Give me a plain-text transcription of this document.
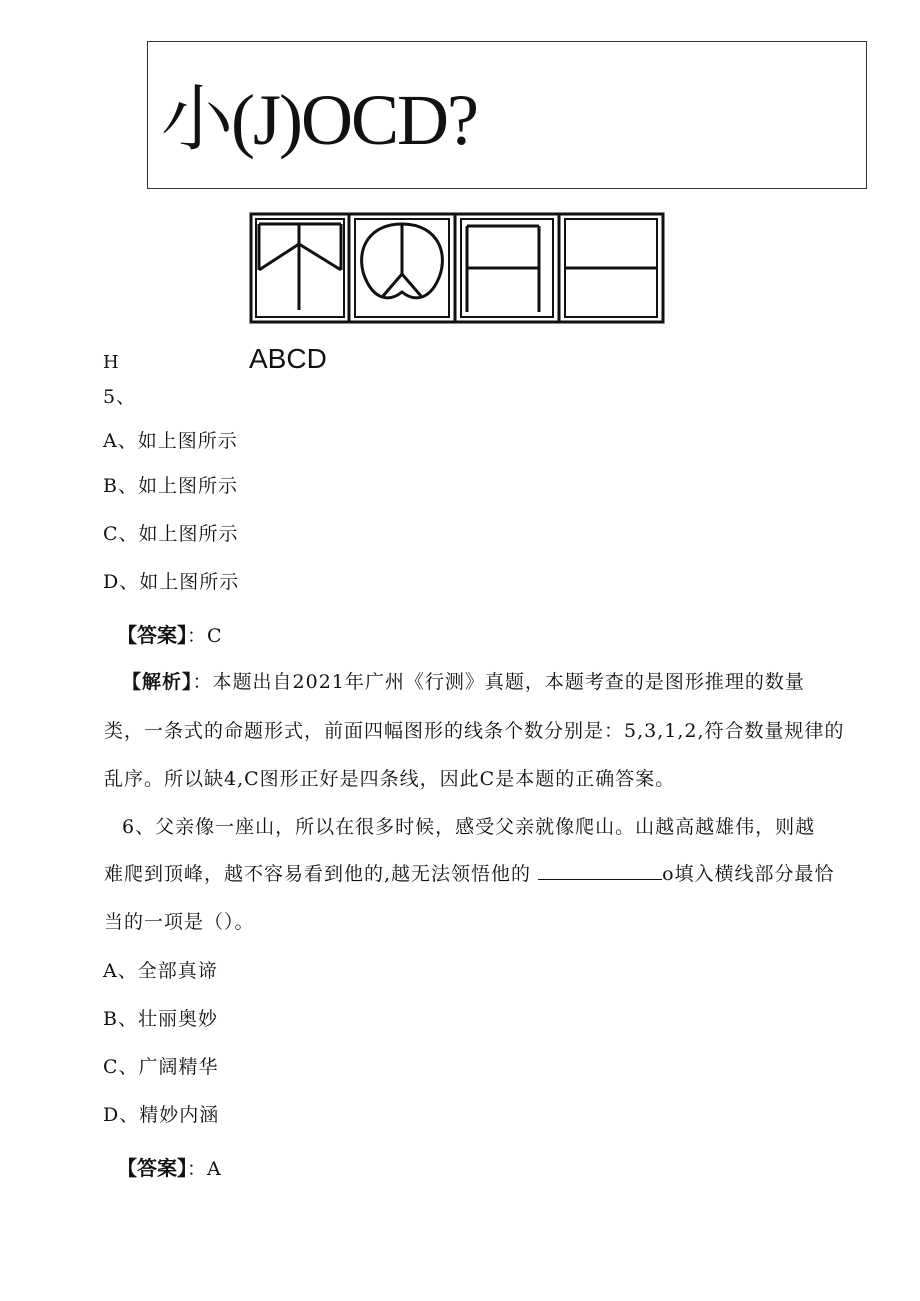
小(J)OCD?
H	ABCD
5、
A、如上图所示
B、如上图所示
C、如上图所示
D、如上图所示
【答案】：C
【解析】：本题出自2021年广州《行测》真题，本题考查的是图形推理的数量
类，一条式的命题形式，前面四幅图形的线条个数分别是：5,3,1,2,符合数量规律的
乱序。所以缺4,C图形正好是四条线，因此C是本题的正确答案。
6、父亲像一座山，所以在很多时候，感受父亲就像爬山。山越高越雄伟，则越
难爬到顶峰，越不容易看到他的,越无法领悟他的	o填入横线部分最恰
当的一项是（）。
A、全部真谛
B、壮丽奥妙
C、广阔精华
D、精妙内涵
【答案】：A
